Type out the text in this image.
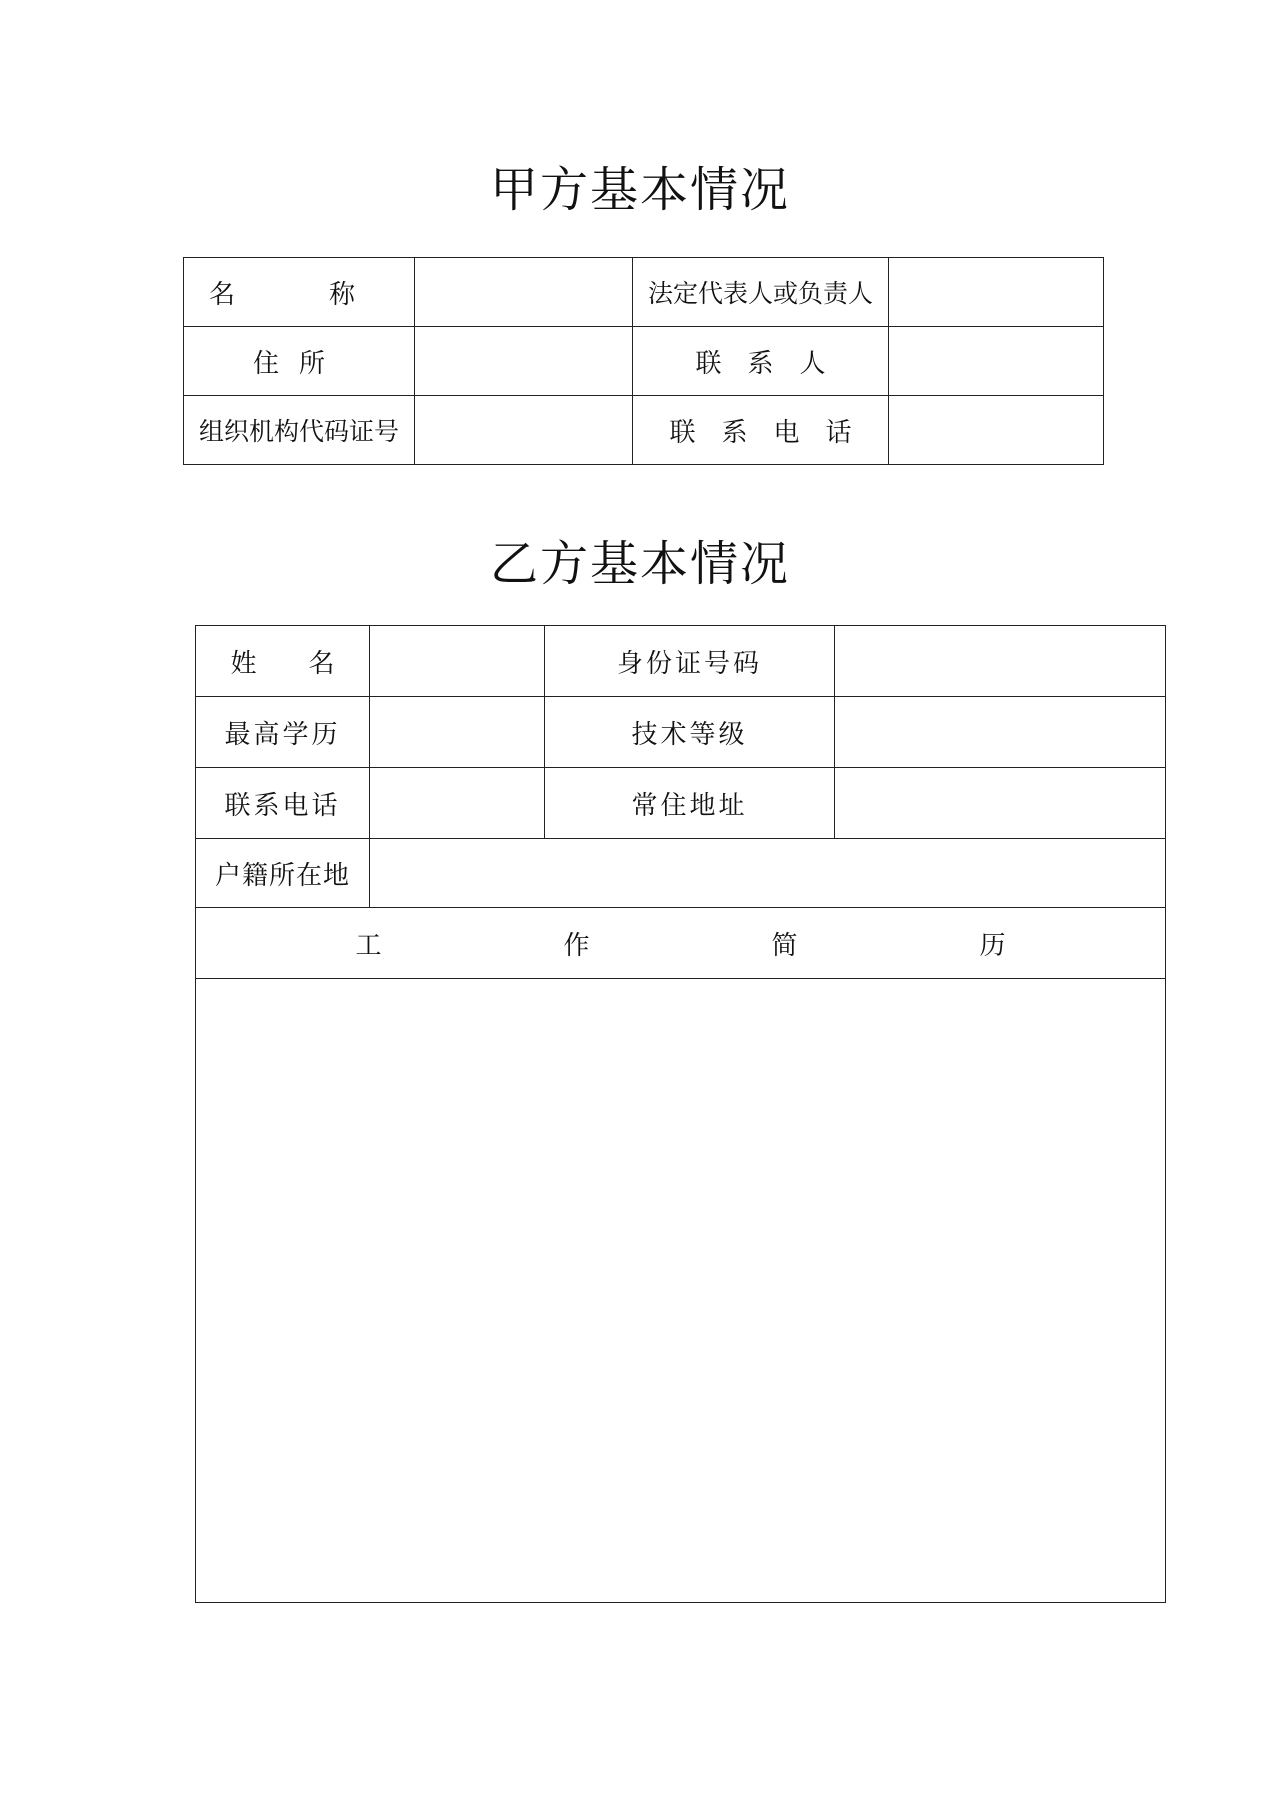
甲方基本情况
名　称		法定代表人或负责人	
住所		联　系　人	
组织机构代码证号		联　系　电　话	
乙方基本情况
姓　　名		身份证号码	
最高学历		技术等级	
联系电话		常住地址	
户籍所在地			
工　作　简　历			
